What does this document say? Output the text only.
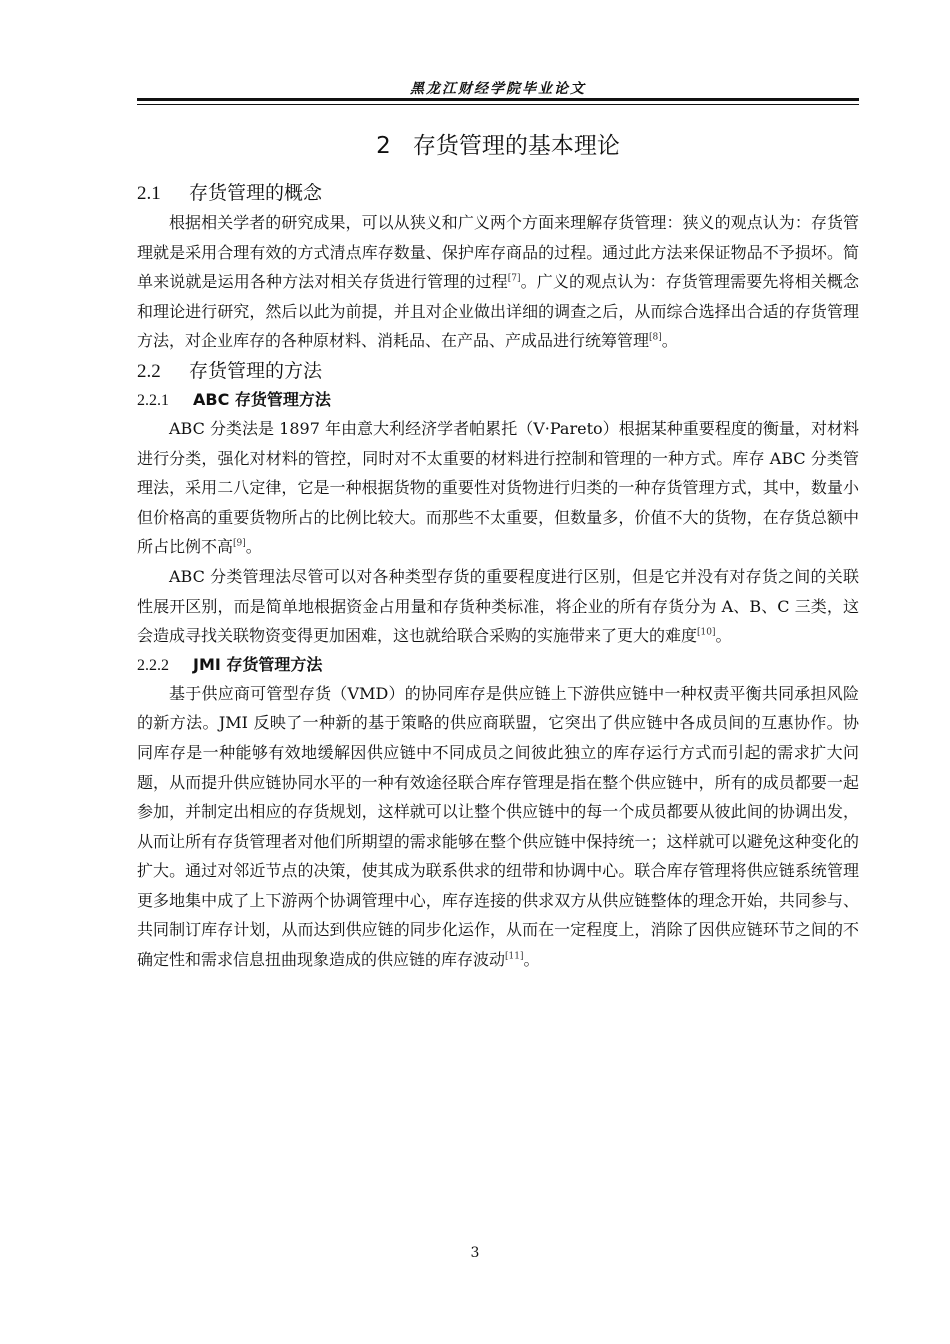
黑龙江财经学院毕业论文
2 存货管理的基本理论
2.1 存货管理的概念

根据相关学者的研究成果，可以从狭义和广义两个方面来理解存货管理：狭义的观点认为：存货管理就是采用合理有效的方式清点库存数量、保护库存商品的过程。通过此方法来保证物品不予损坏。简单来说就是运用各种方法对相关存货进行管理的过程[7]。广义的观点认为：存货管理需要先将相关概念和理论进行研究，然后以此为前提，并且对企业做出详细的调查之后，从而综合选择出合适的存货管理方法，对企业库存的各种原材料、消耗品、在产品、产成品进行统筹管理[8]。

2.2 存货管理的方法
2.2.1 ABC 存货管理方法

ABC 分类法是 1897 年由意大利经济学者帕累托（V·Pareto）根据某种重要程度的衡量，对材料进行分类，强化对材料的管控，同时对不太重要的材料进行控制和管理的一种方式。库存 ABC 分类管理法，采用二八定律，它是一种根据货物的重要性对货物进行归类的一种存货管理方式，其中，数量小但价格高的重要货物所占的比例比较大。而那些不太重要，但数量多，价值不大的货物，在存货总额中所占比例不高[9]。

ABC 分类管理法尽管可以对各种类型存货的重要程度进行区别，但是它并没有对存货之间的关联性展开区别，而是简单地根据资金占用量和存货种类标准，将企业的所有存货分为 A、B、C 三类，这会造成寻找关联物资变得更加困难，这也就给联合采购的实施带来了更大的难度[10]。

2.2.2 JMI 存货管理方法

基于供应商可管型存货（VMD）的协同库存是供应链上下游供应链中一种权责平衡共同承担风险的新方法。JMI 反映了一种新的基于策略的供应商联盟，它突出了供应链中各成员间的互惠协作。协同库存是一种能够有效地缓解因供应链中不同成员之间彼此独立的库存运行方式而引起的需求扩大问题，从而提升供应链协同水平的一种有效途径联合库存管理是指在整个供应链中，所有的成员都要一起参加，并制定出相应的存货规划，这样就可以让整个供应链中的每一个成员都要从彼此间的协调出发，从而让所有存货管理者对他们所期望的需求能够在整个供应链中保持统一；这样就可以避免这种变化的扩大。通过对邻近节点的决策，使其成为联系供求的纽带和协调中心。联合库存管理将供应链系统管理更多地集中成了上下游两个协调管理中心，库存连接的供求双方从供应链整体的理念开始，共同参与、共同制订库存计划，从而达到供应链的同步化运作，从而在一定程度上，消除了因供应链环节之间的不确定性和需求信息扭曲现象造成的供应链的库存波动[11]。

3
